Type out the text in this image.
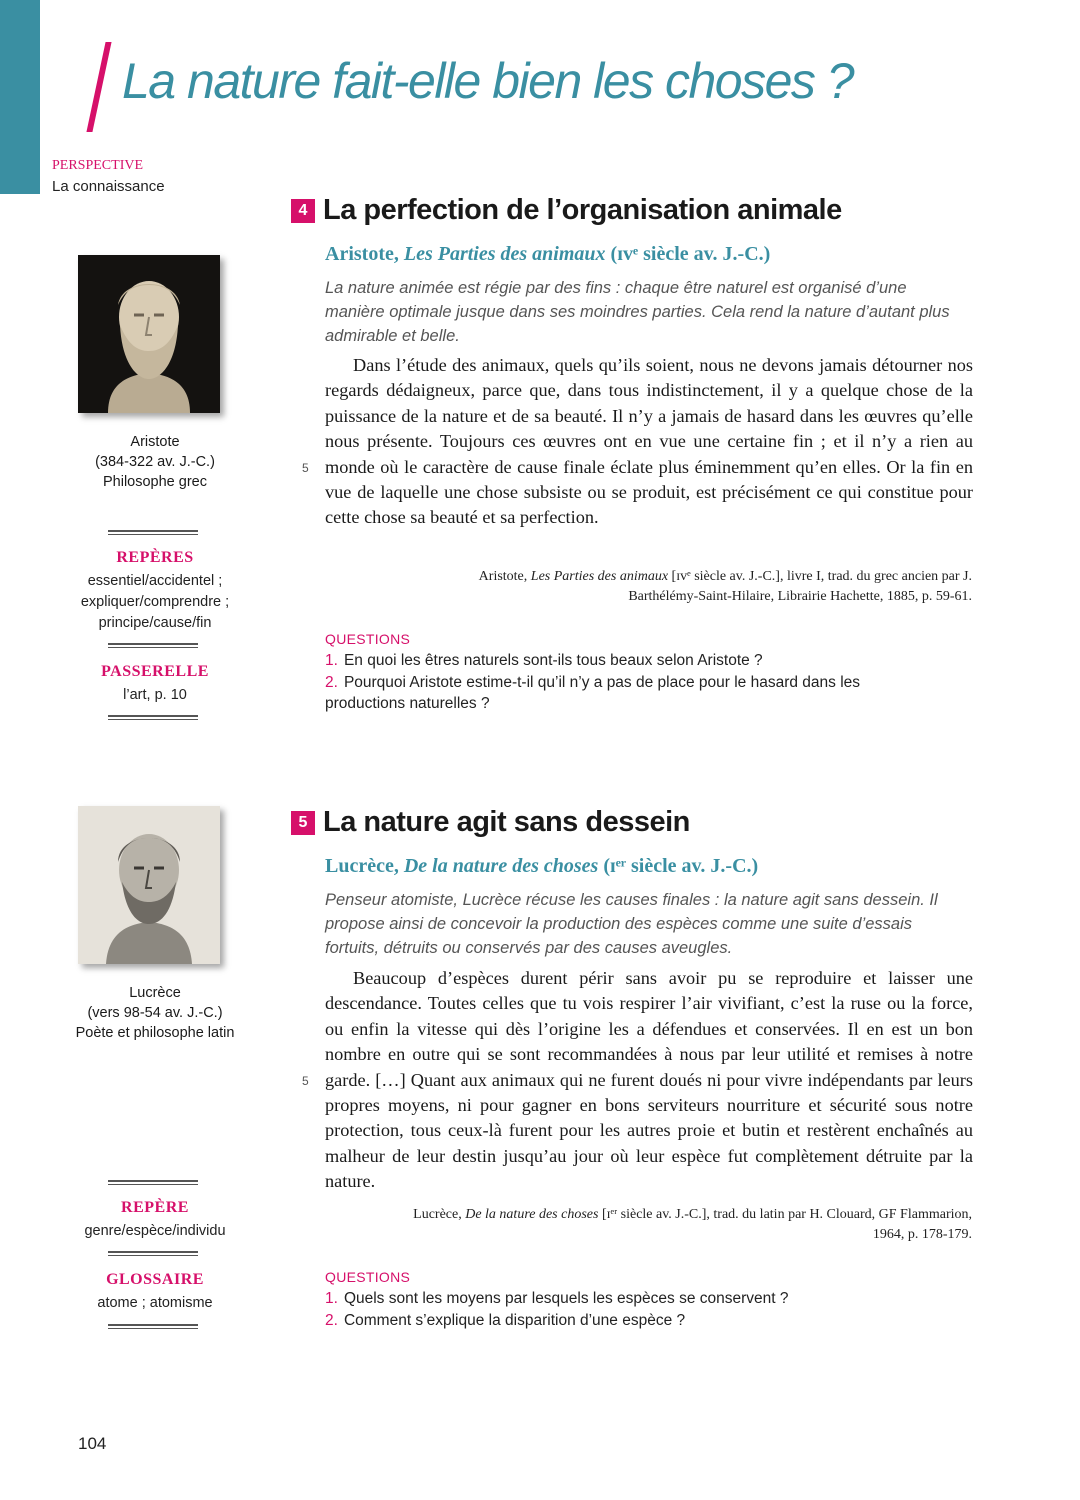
La nature fait-elle bien les choses ?
PERSPECTIVE
La connaissance
4 La perfection de l’organisation animale

Aristote, Les Parties des animaux (ɪᴠᵉ siècle av. J.-C.)

La nature animée est régie par des fins : chaque être naturel est organisé d’une manière optimale jusque dans ses moindres parties. Cela rend la nature d’autant plus admirable et belle.

Dans l’étude des animaux, quels qu’ils soient, nous ne devons jamais détourner nos regards dédaigneux, parce que, dans tous indistinctement, il y a quelque chose de la puissance de la nature et de sa beauté. Il n’y a jamais de hasard dans les œuvres qu’elle nous présente. Toujours ces œuvres ont en vue une certaine fin ; et il n’y a rien au monde où le caractère de cause finale éclate plus éminemment qu’en elles. Or la fin en vue de laquelle une chose subsiste ou se produit, est précisément ce qui constitue pour cette chose sa beauté et sa perfection.

5

Aristote, Les Parties des animaux [ɪᴠᵉ siècle av. J.-C.], livre I, trad. du grec ancien par J. Barthélémy-Saint-Hilaire, Librairie Hachette, 1885, p. 59-61.

QUESTIONS
1. En quoi les êtres naturels sont-ils tous beaux selon Aristote ?
2. Pourquoi Aristote estime-t-il qu’il n’y a pas de place pour le hasard dans les productions naturelles ?
Aristote
(384-322 av. J.-C.)
Philosophe grec
REPÈRES
essentiel/accidentel ;
expliquer/comprendre ;
principe/cause/fin
PASSERELLE
l’art, p. 10
5 La nature agit sans dessein

Lucrèce, De la nature des choses (ɪᵉʳ siècle av. J.-C.)

Penseur atomiste, Lucrèce récuse les causes finales : la nature agit sans dessein. Il propose ainsi de concevoir la production des espèces comme une suite d’essais fortuits, détruits ou conservés par des causes aveugles.

Beaucoup d’espèces durent périr sans avoir pu se reproduire et laisser une descendance. Toutes celles que tu vois respirer l’air vivifiant, c’est la ruse ou la force, ou enfin la vitesse qui dès l’origine les a défendues et conservées. Il en est un bon nombre en outre qui se sont recommandées à nous par leur utilité et remises à notre garde. […] Quant aux animaux qui ne furent doués ni pour vivre indépendants par leurs propres moyens, ni pour gagner en bons serviteurs nourriture et sécurité sous notre protection, tous ceux-là furent pour les autres proie et butin et restèrent enchaînés au malheur de leur destin jusqu’au jour où leur espèce fut complètement détruite par la nature.

5

Lucrèce, De la nature des choses [ɪᵉʳ siècle av. J.-C.], trad. du latin par H. Clouard, GF Flammarion, 1964, p. 178-179.

QUESTIONS
1. Quels sont les moyens par lesquels les espèces se conservent ?
2. Comment s’explique la disparition d’une espèce ?
Lucrèce
(vers 98-54 av. J.-C.)
Poète et philosophe latin
REPÈRE
genre/espèce/individu
GLOSSAIRE
atome ; atomisme
104
